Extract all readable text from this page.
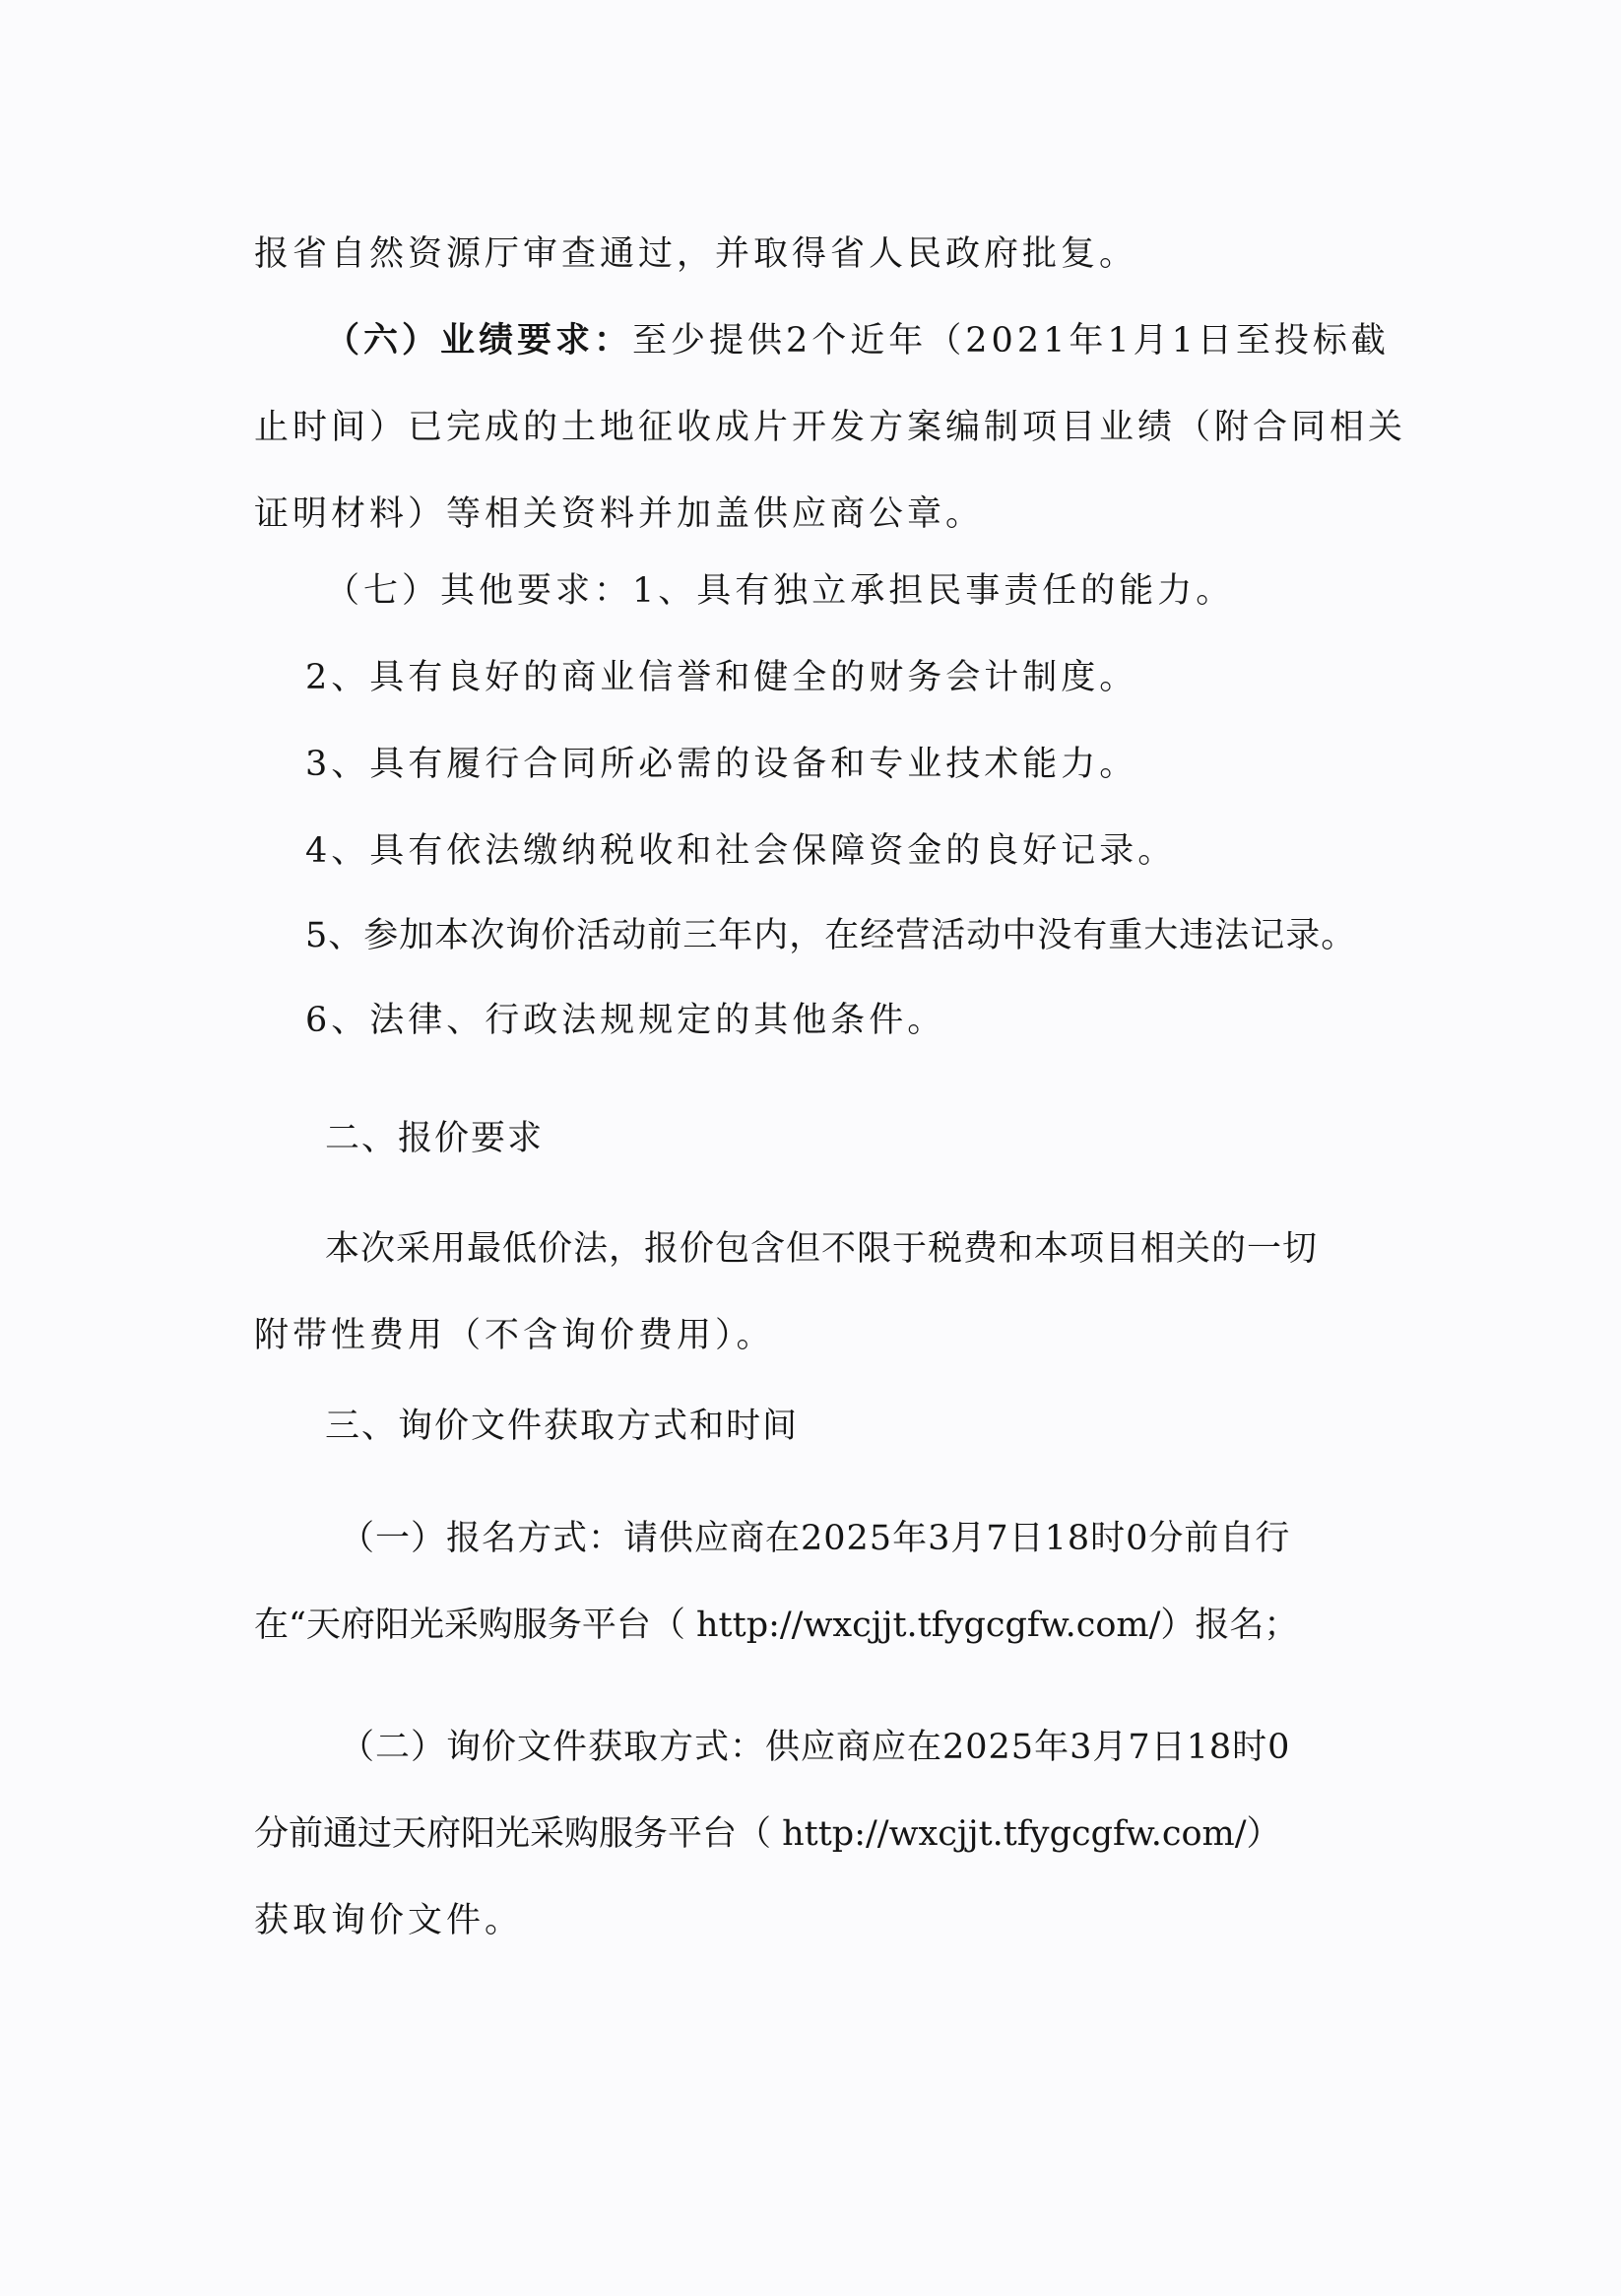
报省自然资源厅审查通过，并取得省人民政府批复。
（六）业绩要求：至少提供2个近年（2021年1月1日至投标截
止时间）已完成的土地征收成片开发方案编制项目业绩（附合同相关
证明材料）等相关资料并加盖供应商公章。
（七）其他要求：1、具有独立承担民事责任的能力。
2、具有良好的商业信誉和健全的财务会计制度。
3、具有履行合同所必需的设备和专业技术能力。
4、具有依法缴纳税收和社会保障资金的良好记录。
5、参加本次询价活动前三年内，在经营活动中没有重大违法记录。
6、法律、行政法规规定的其他条件。
二、报价要求
本次采用最低价法，报价包含但不限于税费和本项目相关的一切
附带性费用（不含询价费用）。
三、询价文件获取方式和时间
（一）报名方式：请供应商在2025年3月7日18时0分前自行
在“天府阳光采购服务平台（ http://wxcjjt.tfygcgfw.com/）报名；
（二）询价文件获取方式：供应商应在2025年3月7日18时0
分前通过天府阳光采购服务平台（ http://wxcjjt.tfygcgfw.com/）
获取询价文件。
